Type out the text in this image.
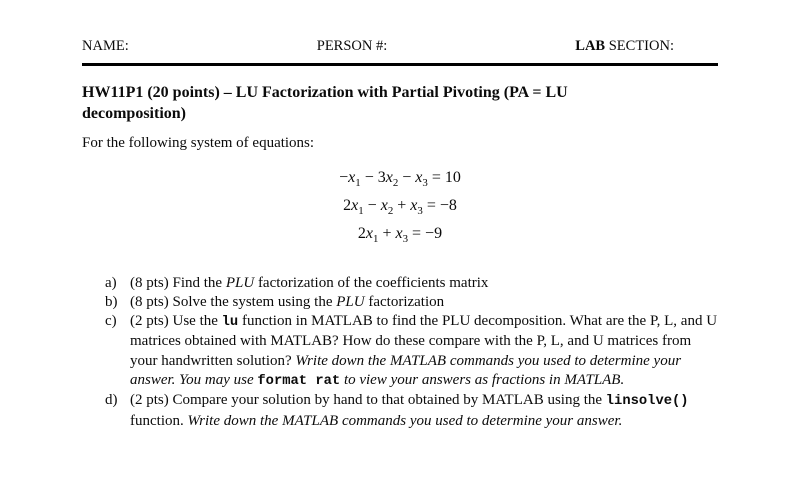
NAME:	PERSON #:	LAB SECTION:
HW11P1 (20 points) – LU Factorization with Partial Pivoting (PA = LU decomposition)

For the following system of equations:

$-x_1 - 3x_2 - x_3 = 10$
$2x_1 - x_2 + x_3 = -8$
$2x_1 + x_3 = -9$
a) (8 pts) Find the PLU factorization of the coefficients matrix
b) (8 pts) Solve the system using the PLU factorization
c) (2 pts) Use the lu function in MATLAB to find the PLU decomposition. What are the P, L, and U matrices obtained with MATLAB? How do these compare with the P, L, and U matrices from your handwritten solution? Write down the MATLAB commands you used to determine your answer. You may use format rat to view your answers as fractions in MATLAB.
d) (2 pts) Compare your solution by hand to that obtained by MATLAB using the linsolve() function. Write down the MATLAB commands you used to determine your answer.
